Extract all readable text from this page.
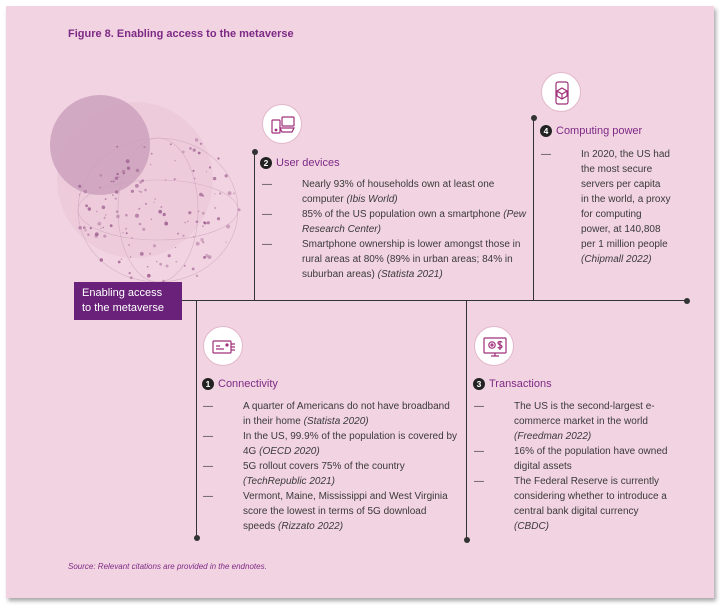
Figure 8. Enabling access to the metaverse
Enabling access to the metaverse
2 User devices
— Nearly 93% of households own at least one computer (Ibis World)
— 85% of the US population own a smartphone (Pew Research Center)
— Smartphone ownership is lower amongst those in rural areas at 80% (89% in urban areas; 84% in suburban areas) (Statista 2021)
4 Computing power
— In 2020, the US had the most secure servers per capita in the world, a proxy for computing power, at 140,808 per 1 million people (Chipmall 2022)
1 Connectivity
— A quarter of Americans do not have broadband in their home (Statista 2020)
— In the US, 99.9% of the population is covered by 4G (OECD 2020)
— 5G rollout covers 75% of the country (TechRepublic 2021)
— Vermont, Maine, Mississippi and West Virginia score the lowest in terms of 5G download speeds (Rizzato 2022)
3 Transactions
— The US is the second-largest e-commerce market in the world (Freedman 2022)
— 16% of the population have owned digital assets
— The Federal Reserve is currently considering whether to introduce a central bank digital currency (CBDC)
Source: Relevant citations are provided in the endnotes.
